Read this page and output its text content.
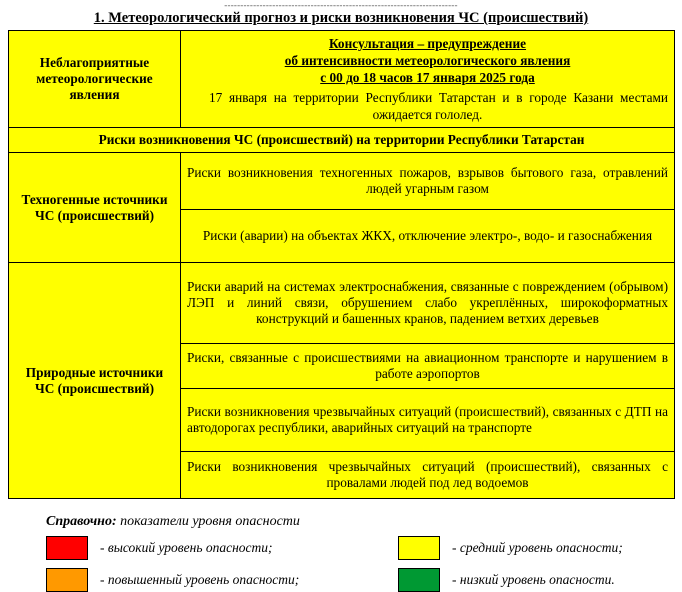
-------------------------------------------------------------------------
1. Метеорологический прогноз и риски возникновения ЧС (происшествий)
Неблагоприятные метеорологические явления	Консультация – предупреждение
об интенсивности метеорологического явления
с 00 до 18 часов 17 января 2025 года
17 января на территории Республики Татарстан и в городе Казани местами ожидается гололед.

Риски возникновения ЧС (происшествий) на территории Республики Татарстан	
Техногенные источники ЧС (происшествий)	Риски возникновения техногенных пожаров, взрывов бытового газа, отравлений людей угарным газом
	Риски (аварии) на объектах ЖКХ, отключение электро-, водо- и газоснабжения
Природные источники ЧС (происшествий)	Риски аварий на системах электроснабжения, связанные с повреждением (обрывом) ЛЭП и линий связи, обрушением слабо укреплённых, широкоформатных конструкций и башенных кранов, падением ветхих деревьев
	Риски, связанные с происшествиями на авиационном транспорте и нарушением в работе аэропортов
	Риски возникновения чрезвычайных ситуаций (происшествий), связанных с ДТП на автодорогах республики, аварийных ситуаций на транспорте
	Риски возникновения чрезвычайных ситуаций (происшествий), связанных с провалами людей под лед водоемов
Справочно: показатели уровня опасности
- высокий уровень опасности;	- средний уровень опасности;
- повышенный уровень опасности;	- низкий уровень опасности.
